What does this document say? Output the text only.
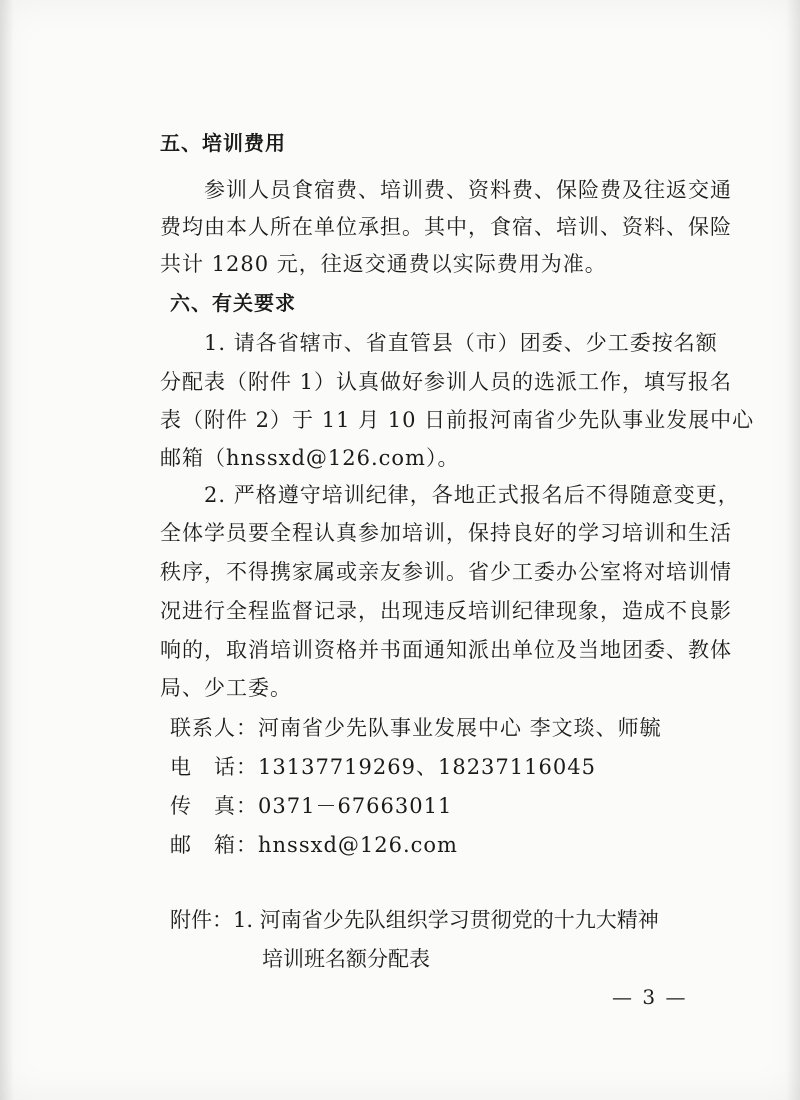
五、培训费用
参训人员食宿费、培训费、资料费、保险费及往返交通
费均由本人所在单位承担。其中，食宿、培训、资料、保险
共计 1280 元，往返交通费以实际费用为准。
六、有关要求
1. 请各省辖市、省直管县（市）团委、少工委按名额
分配表（附件 1）认真做好参训人员的选派工作，填写报名
表（附件 2）于 11 月 10 日前报河南省少先队事业发展中心
邮箱（hnssxd@126.com）。
2. 严格遵守培训纪律，各地正式报名后不得随意变更，
全体学员要全程认真参加培训，保持良好的学习培训和生活
秩序，不得携家属或亲友参训。省少工委办公室将对培训情
况进行全程监督记录，出现违反培训纪律现象，造成不良影
响的，取消培训资格并书面通知派出单位及当地团委、教体
局、少工委。
联系人：河南省少先队事业发展中心 李文琰、师毓
电　话：13137719269、18237116045
传　真：0371－67663011
邮　箱：hnssxd@126.com
附件：1. 河南省少先队组织学习贯彻党的十九大精神
培训班名额分配表
— 3 —
